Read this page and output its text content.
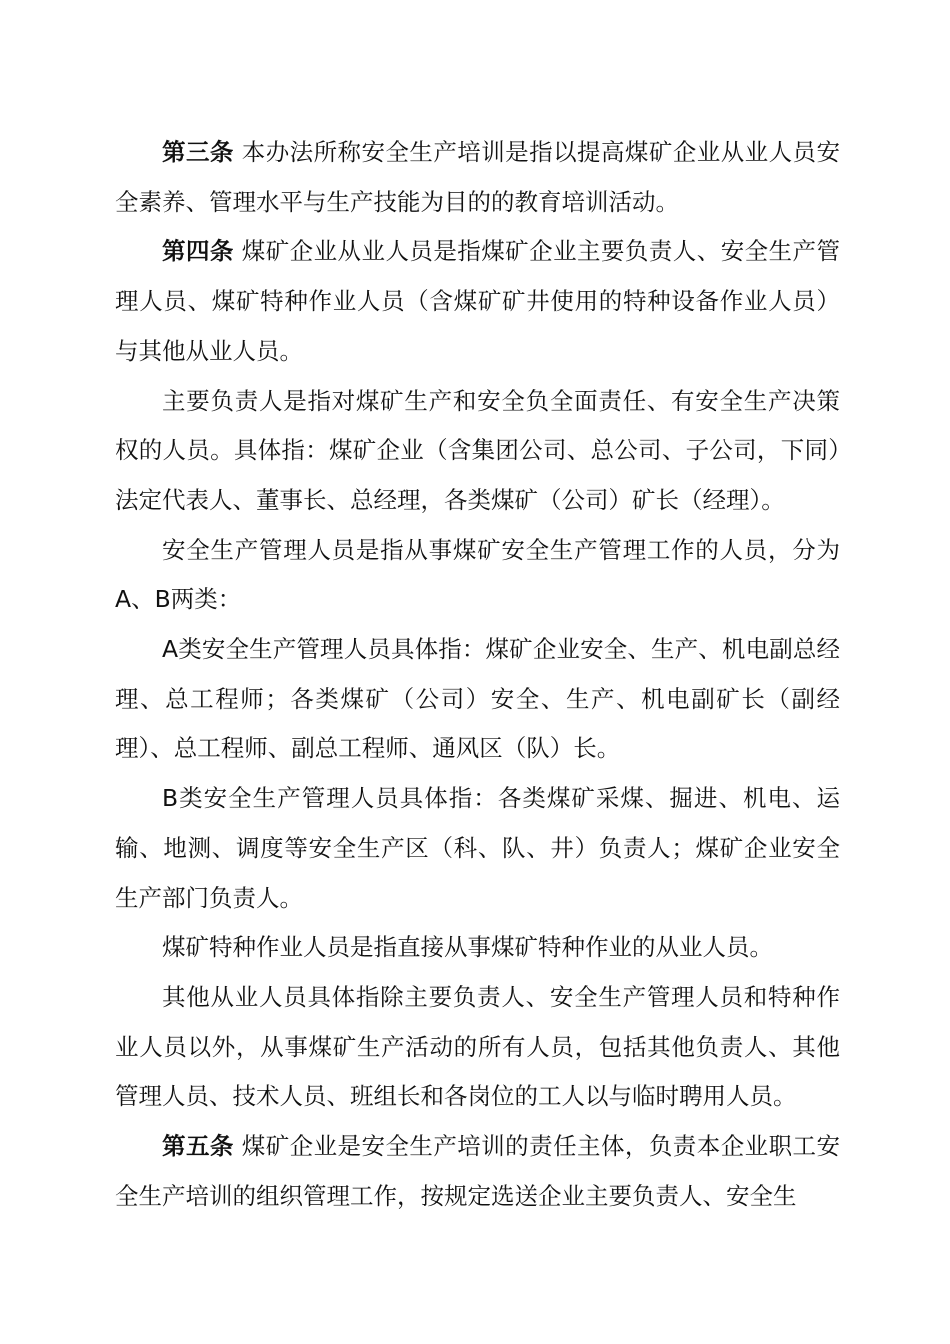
第三条 本办法所称安全生产培训是指以提高煤矿企业从业人员安全素养、管理水平与生产技能为目的的教育培训活动。

第四条 煤矿企业从业人员是指煤矿企业主要负责人、安全生产管理人员、煤矿特种作业人员（含煤矿矿井使用的特种设备作业人员）与其他从业人员。

主要负责人是指对煤矿生产和安全负全面责任、有安全生产决策权的人员。具体指：煤矿企业（含集团公司、总公司、子公司，下同）法定代表人、董事长、总经理，各类煤矿（公司）矿长（经理）。

安全生产管理人员是指从事煤矿安全生产管理工作的人员，分为A、B两类：

A类安全生产管理人员具体指：煤矿企业安全、生产、机电副总经理、总工程师；各类煤矿（公司）安全、生产、机电副矿长（副经理）、总工程师、副总工程师、通风区（队）长。

B类安全生产管理人员具体指：各类煤矿采煤、掘进、机电、运输、地测、调度等安全生产区（科、队、井）负责人；煤矿企业安全生产部门负责人。

煤矿特种作业人员是指直接从事煤矿特种作业的从业人员。

其他从业人员具体指除主要负责人、安全生产管理人员和特种作业人员以外，从事煤矿生产活动的所有人员，包括其他负责人、其他管理人员、技术人员、班组长和各岗位的工人以与临时聘用人员。

第五条 煤矿企业是安全生产培训的责任主体，负责本企业职工安全生产培训的组织管理工作，按规定选送企业主要负责人、安全生
